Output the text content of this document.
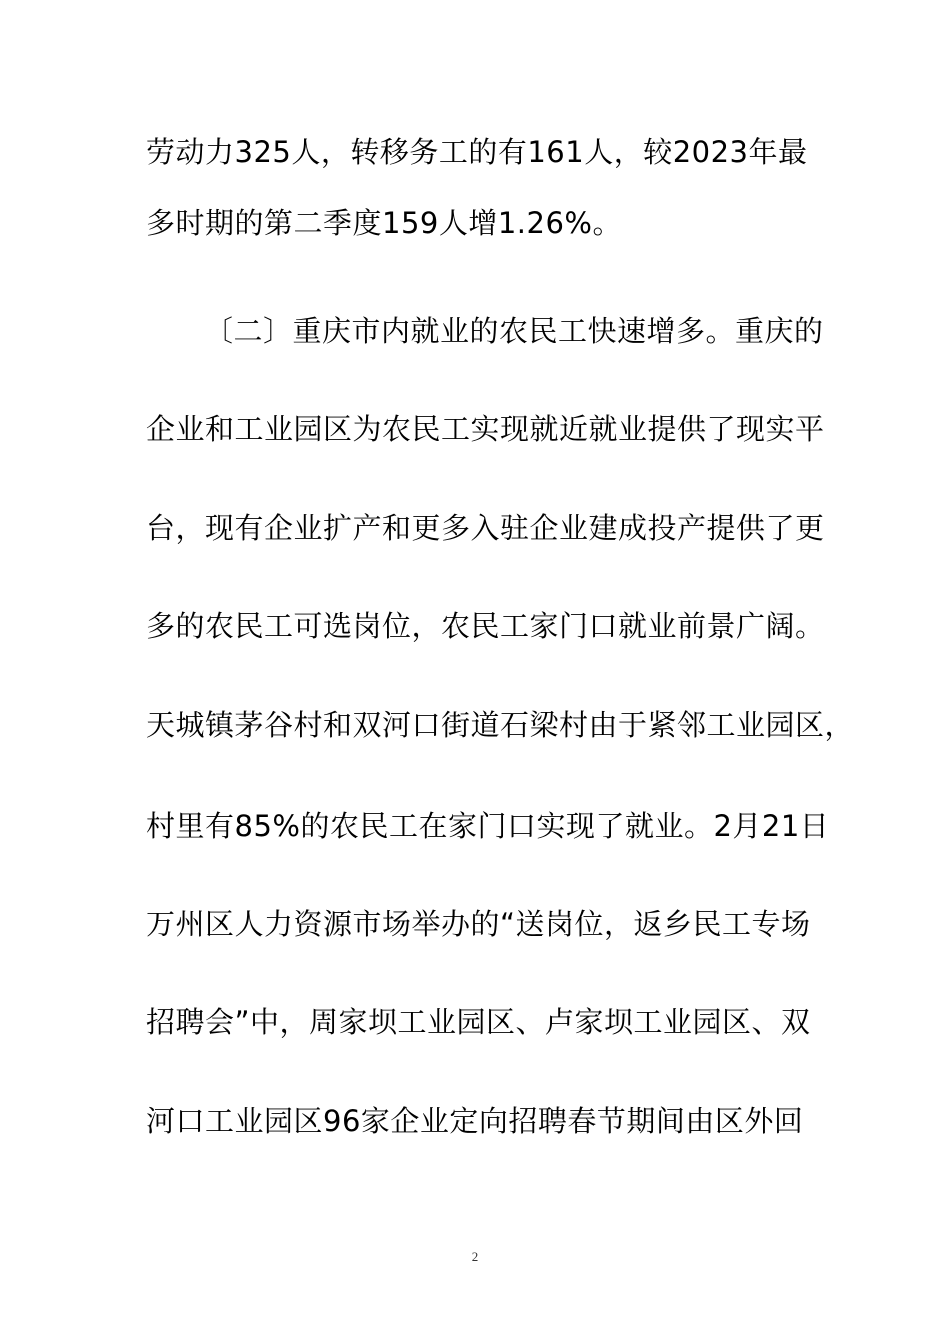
劳动力325人，转移务工的有161人，较2023年最
多时期的第二季度159人增1.26%。
〔二〕重庆市内就业的农民工快速增多。重庆的
企业和工业园区为农民工实现就近就业提供了现实平
台，现有企业扩产和更多入驻企业建成投产提供了更
多的农民工可选岗位，农民工家门口就业前景广阔。
天城镇茅谷村和双河口街道石梁村由于紧邻工业园区，
村里有85%的农民工在家门口实现了就业。2月21日
万州区人力资源市场举办的“送岗位，返乡民工专场
招聘会”中，周家坝工业园区、卢家坝工业园区、双
河口工业园区96家企业定向招聘春节期间由区外回
2
